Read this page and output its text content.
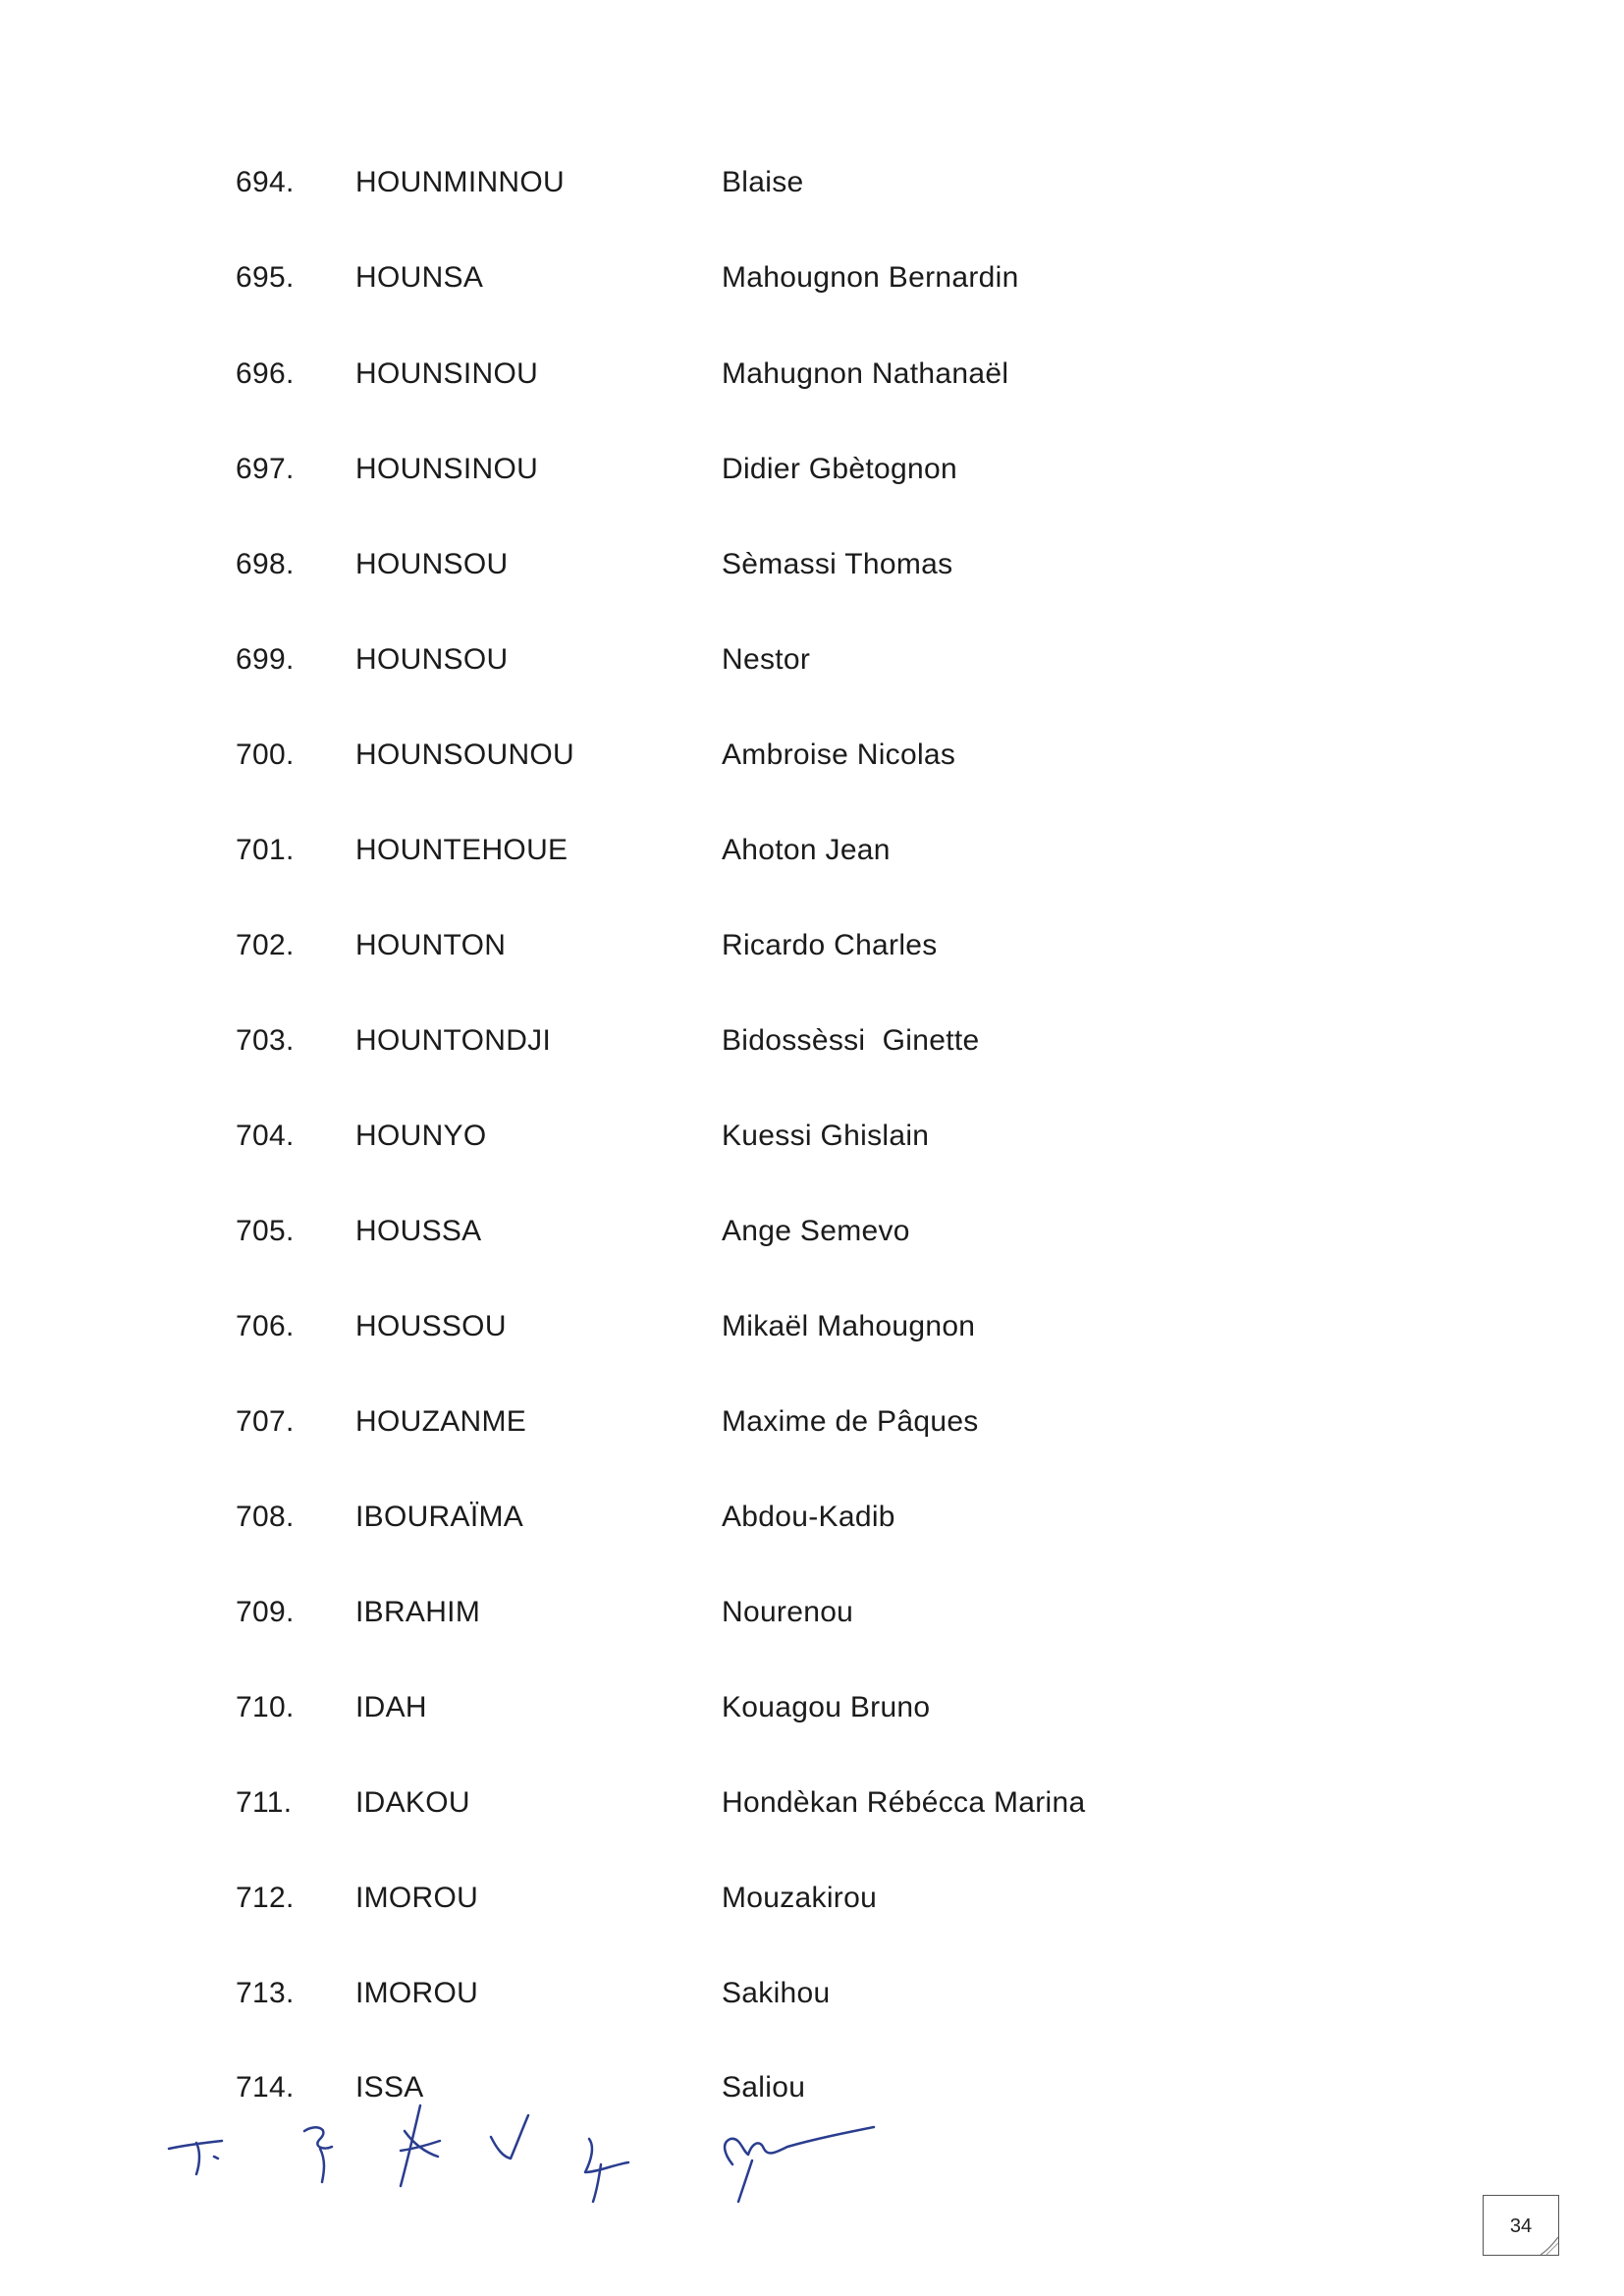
694. HOUNMINNOU	Blaise
695. HOUNSA	Mahougnon Bernardin
696. HOUNSINOU	Mahugnon Nathanaël
697. HOUNSINOU	Didier Gbètognon
698. HOUNSOU	Sèmassi Thomas
699. HOUNSOU	Nestor
700. HOUNSOUNOU	Ambroise Nicolas
701. HOUNTEHOUE	Ahoton Jean
702. HOUNTON	Ricardo Charles
703. HOUNTONDJI	Bidossèssi  Ginette
704. HOUNYO	Kuessi Ghislain
705. HOUSSA	Ange Semevo
706. HOUSSOU	Mikaël Mahougnon
707. HOUZANME	Maxime de Pâques
708. IBOURAÏMA	Abdou-Kadib
709. IBRAHIM	Nourenou
710. IDAH	Kouagou Bruno
711. IDAKOU	Hondèkan Rébécca Marina
712. IMOROU	Mouzakirou
713. IMOROU	Sakihou
714. ISSA	Saliou
34
